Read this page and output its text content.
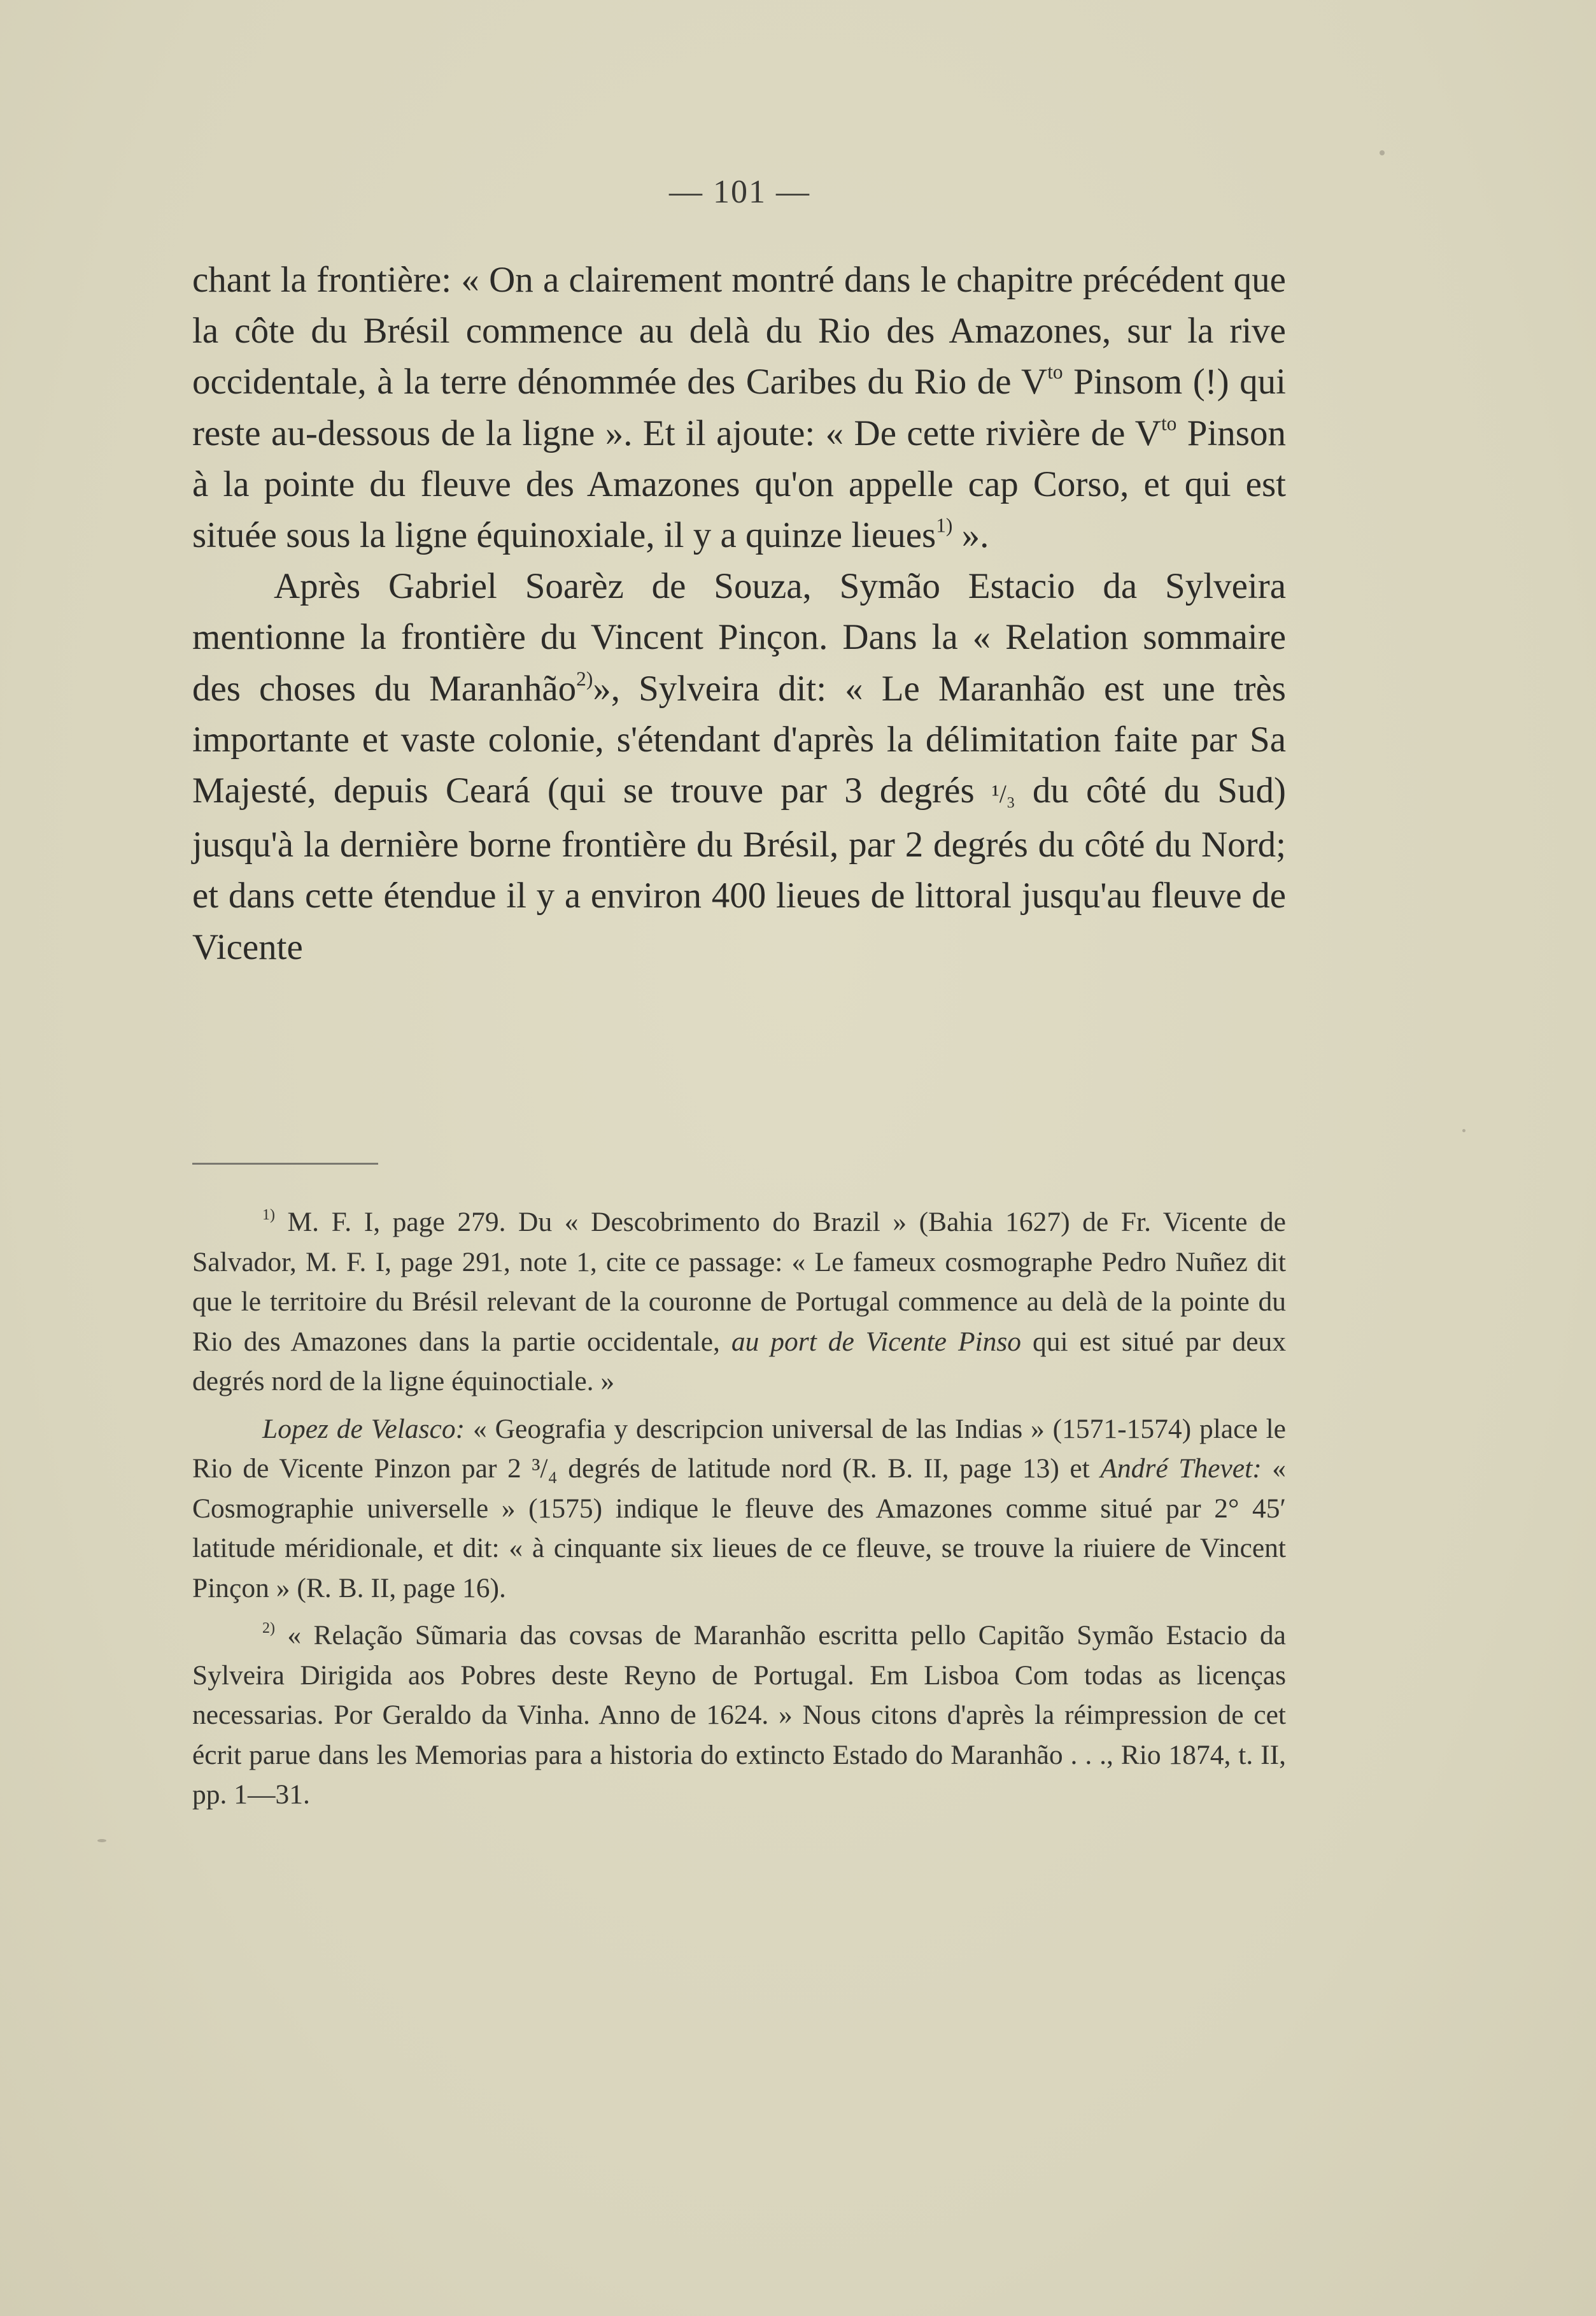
— 101 —

chant la frontière: « On a clairement montré dans le chapitre précédent que la côte du Brésil commence au delà du Rio des Amazones, sur la rive occidentale, à la terre dénommée des Caribes du Rio de $V^{to}$ Pinsom (!) qui reste au-dessous de la ligne ». Et il ajoute: « De cette rivière de $V^{to}$ Pinson à la pointe du fleuve des Amazones qu'on appelle cap Corso, et qui est située sous la ligne équinoxiale, il y a quinze lieues$^{1)}$ ».

Après Gabriel Soarèz de Souza, Symão Estacio da Sylveira mentionne la frontière du Vincent Pinçon. Dans la « Relation sommaire des choses du Maranhão$^{2)}$», Sylveira dit: « Le Maranhão est une très importante et vaste colonie, s'étendant d'après la délimitation faite par Sa Majesté, depuis Ceará (qui se trouve par 3 degrés ¹/₃ du côté du Sud) jusqu'à la dernière borne frontière du Brésil, par 2 degrés du côté du Nord; et dans cette étendue il y a environ 400 lieues de littoral jusqu'au fleuve de Vicente

$^{1)}$ M. F. I, page 279. Du « Descobrimento do Brazil » (Bahia 1627) de Fr. Vicente de Salvador, M. F. I, page 291, note 1, cite ce passage: « Le fameux cosmographe Pedro Nuñez dit que le territoire du Brésil relevant de la couronne de Portugal commence au delà de la pointe du Rio des Amazones dans la partie occidentale, au port de Vicente Pinso qui est situé par deux degrés nord de la ligne équinoctiale. »

Lopez de Velasco: « Geografia y descripcion universal de las Indias » (1571-1574) place le Rio de Vicente Pinzon par 2 ³/₄ degrés de latitude nord (R. B. II, page 13) et André Thevet: « Cosmographie universelle » (1575) indique le fleuve des Amazones comme situé par 2° 45′ latitude méridionale, et dit: « à cinquante six lieues de ce fleuve, se trouve la riuiere de Vincent Pinçon » (R. B. II, page 16).

$^{2)}$ « Relação Sũmaria das covsas de Maranhão escritta pello Capitão Symão Estacio da Sylveira Dirigida aos Pobres deste Reyno de Portugal. Em Lisboa Com todas as licenças necessarias. Por Geraldo da Vinha. Anno de 1624. » Nous citons d'après la réimpression de cet écrit parue dans les Memorias para a historia do extincto Estado do Maranhão . . ., Rio 1874, t. II, pp. 1—31.
